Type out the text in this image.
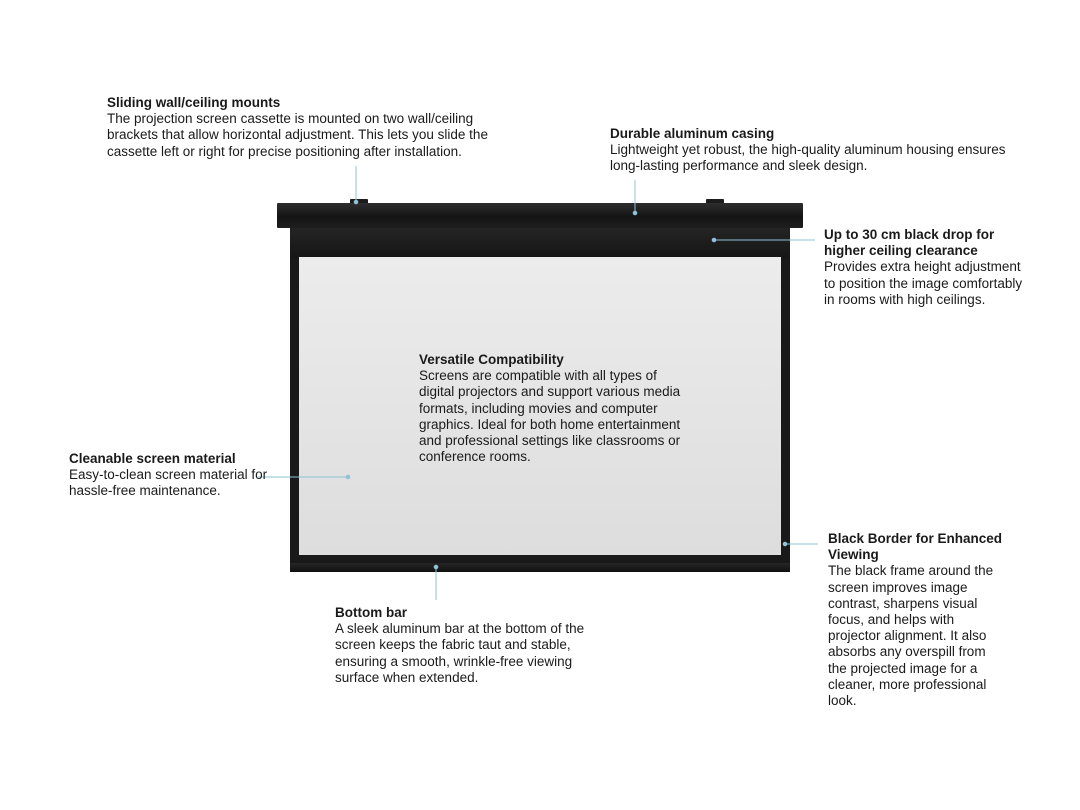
Sliding wall/ceiling mounts
The projection screen cassette is mounted on two wall/ceiling brackets that allow horizontal adjustment. This lets you slide the cassette left or right for precise positioning after installation.
Durable aluminum casing
Lightweight yet robust, the high-quality aluminum housing ensures long-lasting performance and sleek design.
Up to 30 cm black drop for higher ceiling clearance
Provides extra height adjustment to position the image comfortably in rooms with high ceilings.
Versatile Compatibility
Screens are compatible with all types of digital projectors and support various media formats, including movies and computer graphics. Ideal for both home entertainment and professional settings like classrooms or conference rooms.
Cleanable screen material
Easy-to-clean screen material for hassle-free maintenance.
Black Border for Enhanced Viewing
The black frame around the screen improves image contrast, sharpens visual focus, and helps with projector alignment. It also absorbs any overspill from the projected image for a cleaner, more professional look.
Bottom bar
A sleek aluminum bar at the bottom of the screen keeps the fabric taut and stable, ensuring a smooth, wrinkle-free viewing surface when extended.
